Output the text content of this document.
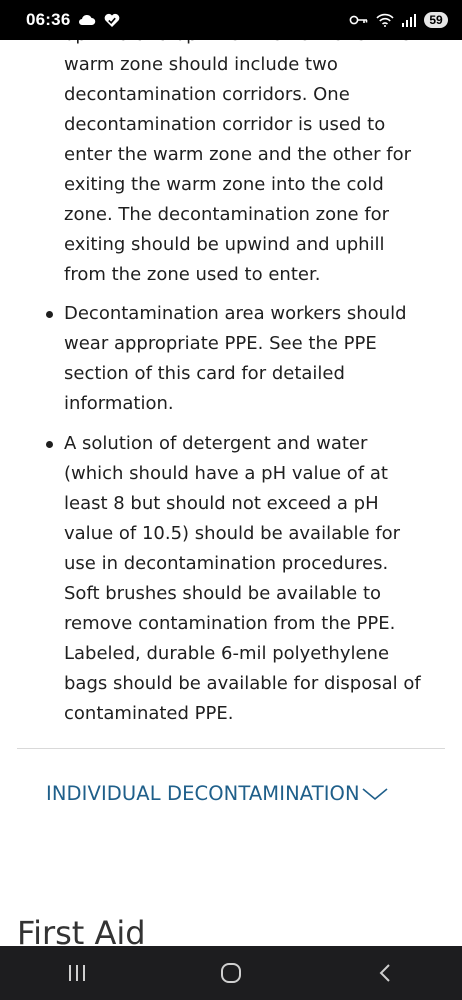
warm zone should include two decontamination corridors. One decontamination corridor is used to enter the warm zone and the other for exiting the warm zone into the cold zone. The decontamination zone for exiting should be upwind and uphill from the zone used to enter.

Decontamination area workers should wear appropriate PPE. See the PPE section of this card for detailed information.

A solution of detergent and water (which should have a pH value of at least 8 but should not exceed a pH value of 10.5) should be available for use in decontamination procedures. Soft brushes should be available to remove contamination from the PPE. Labeled, durable 6-mil polyethylene bags should be available for disposal of contaminated PPE.

INDIVIDUAL DECONTAMINATION
First Aid
06:36	59
